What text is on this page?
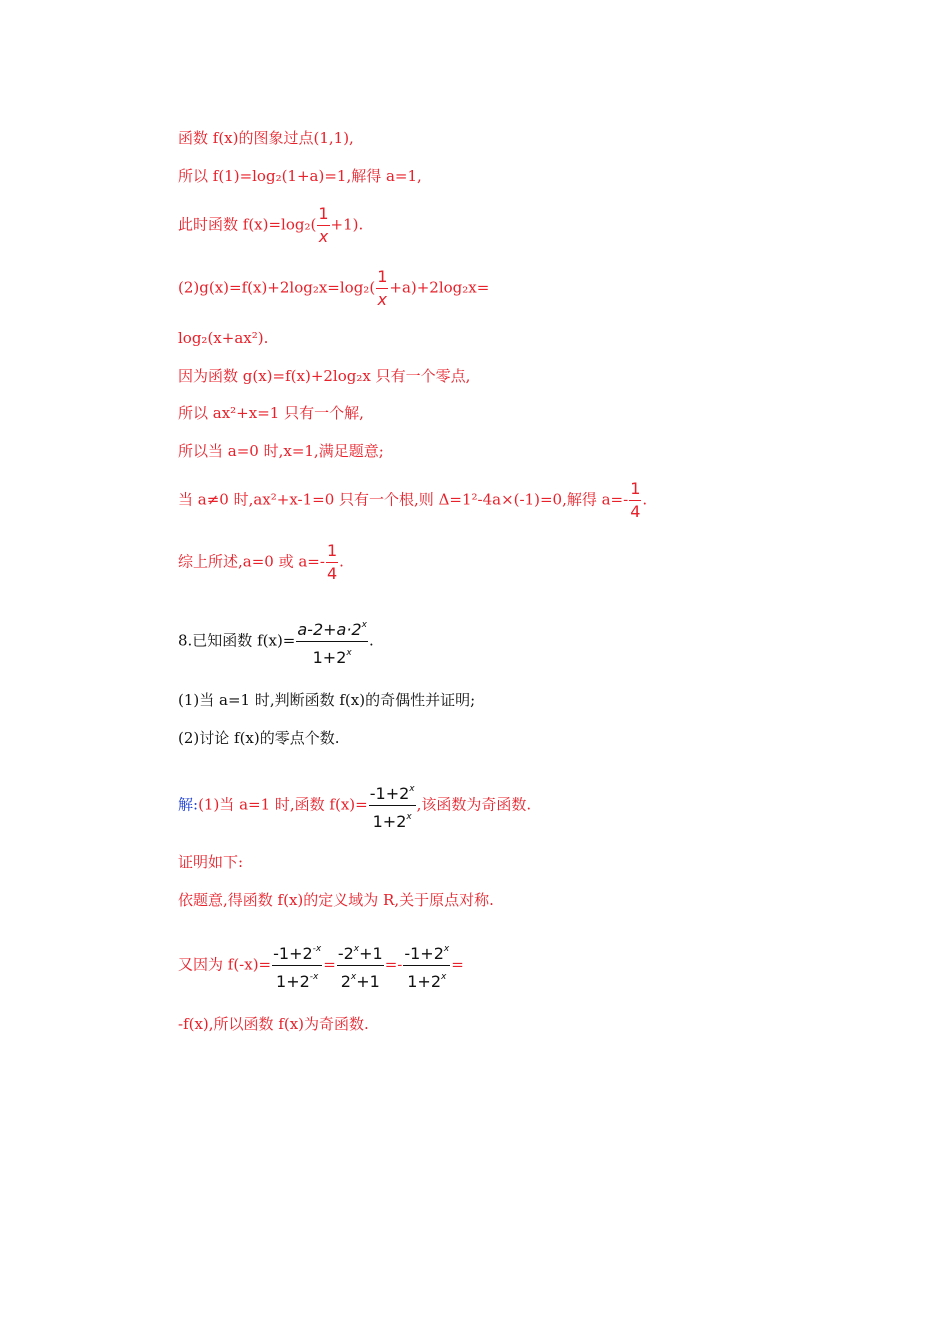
函数 f(x)的图象过点(1,1),
所以 f(1)=log₂(1+a)=1,解得 a=1,
此时函数 $f(x)=\log_2( \frac{1}{x} +1)$.
$(2)g(x)=f(x)+2\log_2x=\log_2( \frac{1}{x} +a)+2\log_2x=$
log₂(x+ax²).
因为函数 g(x)=f(x)+2log₂x 只有一个零点,
所以 ax²+x=1 只有一个解,
所以当 a=0 时,x=1,满足题意;
当 a≠0 时,ax²+x-1=0 只有一个根,则 Δ=1²-4a×(-1)=0,解得 $a=- \frac{1}{4}$ .
综上所述,a=0 或 $a=- \frac{1}{4}$ .
8.已知函数 $f(x)= \frac{a-2+a\cdot 2^x}{1+2^x}$ .
(1)当 a=1 时,判断函数 f(x)的奇偶性并证明;
(2)讨论 f(x)的零点个数.
解:(1)当 a=1 时,函数 $f(x)= \frac{-1+2^x}{1+2^x}$ ,该函数为奇函数.
证明如下:
依题意,得函数 f(x)的定义域为 R,关于原点对称.
又因为 $f(-x)= \frac{-1+2^{-x}}{1+2^{-x}} = \frac{-2^x+1}{2^x+1} =- \frac{-1+2^x}{1+2^x}$ =
-f(x),所以函数 f(x)为奇函数.
